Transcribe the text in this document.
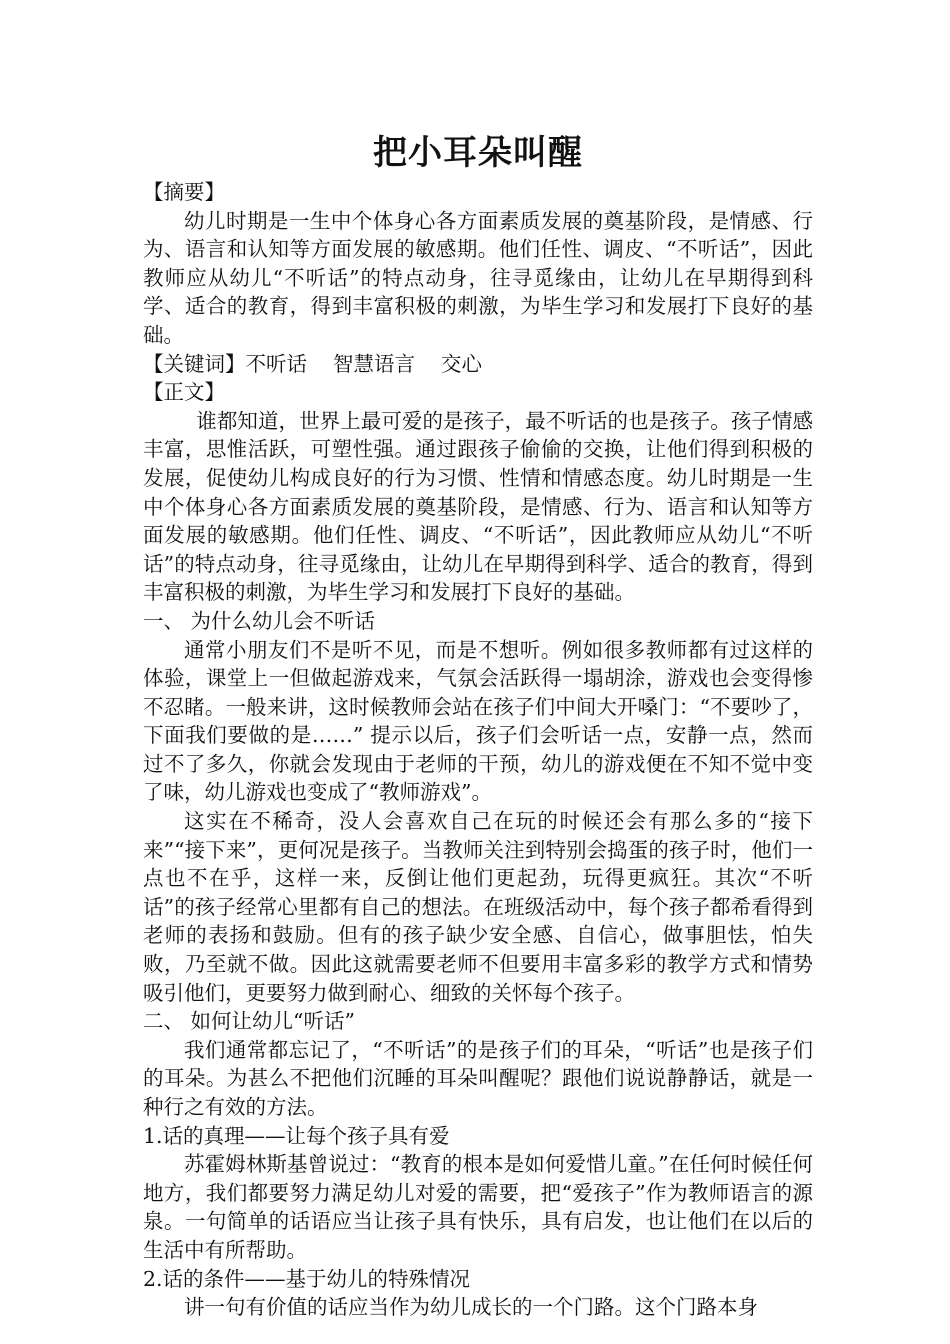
把小耳朵叫醒

【摘要】

幼儿时期是一生中个体身心各方面素质发展的奠基阶段，是情感、行为、语言和认知等方面发展的敏感期。他们任性、调皮、“不听话”，因此教师应从幼儿“不听话”的特点动身，往寻觅缘由，让幼儿在早期得到科学、适合的教育，得到丰富积极的刺激，为毕生学习和发展打下良好的基础。

【关键词】不听话 智慧语言 交心

【正文】

谁都知道，世界上最可爱的是孩子，最不听话的也是孩子。孩子情感丰富，思惟活跃，可塑性强。通过跟孩子偷偷的交换，让他们得到积极的发展，促使幼儿构成良好的行为习惯、性情和情感态度。幼儿时期是一生中个体身心各方面素质发展的奠基阶段，是情感、行为、语言和认知等方面发展的敏感期。他们任性、调皮、“不听话”，因此教师应从幼儿“不听话”的特点动身，往寻觅缘由，让幼儿在早期得到科学、适合的教育，得到丰富积极的刺激，为毕生学习和发展打下良好的基础。

一、 为什么幼儿会不听话

通常小朋友们不是听不见，而是不想听。例如很多教师都有过这样的体验，课堂上一但做起游戏来，气氛会活跃得一塌胡涂，游戏也会变得惨不忍睹。一般来讲，这时候教师会站在孩子们中间大开嗓门：“不要吵了，下面我们要做的是……” 提示以后，孩子们会听话一点，安静一点，然而过不了多久，你就会发现由于老师的干预，幼儿的游戏便在不知不觉中变了味，幼儿游戏也变成了“教师游戏”。

这实在不稀奇，没人会喜欢自己在玩的时候还会有那么多的“接下来”“接下来”，更何况是孩子。当教师关注到特别会捣蛋的孩子时，他们一点也不在乎，这样一来，反倒让他们更起劲，玩得更疯狂。其次“不听话”的孩子经常心里都有自己的想法。在班级活动中，每个孩子都希看得到老师的表扬和鼓励。但有的孩子缺少安全感、自信心，做事胆怯，怕失败，乃至就不做。因此这就需要老师不但要用丰富多彩的教学方式和情势吸引他们，更要努力做到耐心、细致的关怀每个孩子。

二、 如何让幼儿“听话”

我们通常都忘记了，“不听话”的是孩子们的耳朵，“听话”也是孩子们的耳朵。为甚么不把他们沉睡的耳朵叫醒呢？跟他们说说静静话，就是一种行之有效的方法。

1.话的真理——让每个孩子具有爱

苏霍姆林斯基曾说过：“教育的根本是如何爱惜儿童。”在任何时候任何地方，我们都要努力满足幼儿对爱的需要，把“爱孩子”作为教师语言的源泉。一句简单的话语应当让孩子具有快乐，具有启发，也让他们在以后的生活中有所帮助。

2.话的条件——基于幼儿的特殊情况

讲一句有价值的话应当作为幼儿成长的一个门路。这个门路本身
